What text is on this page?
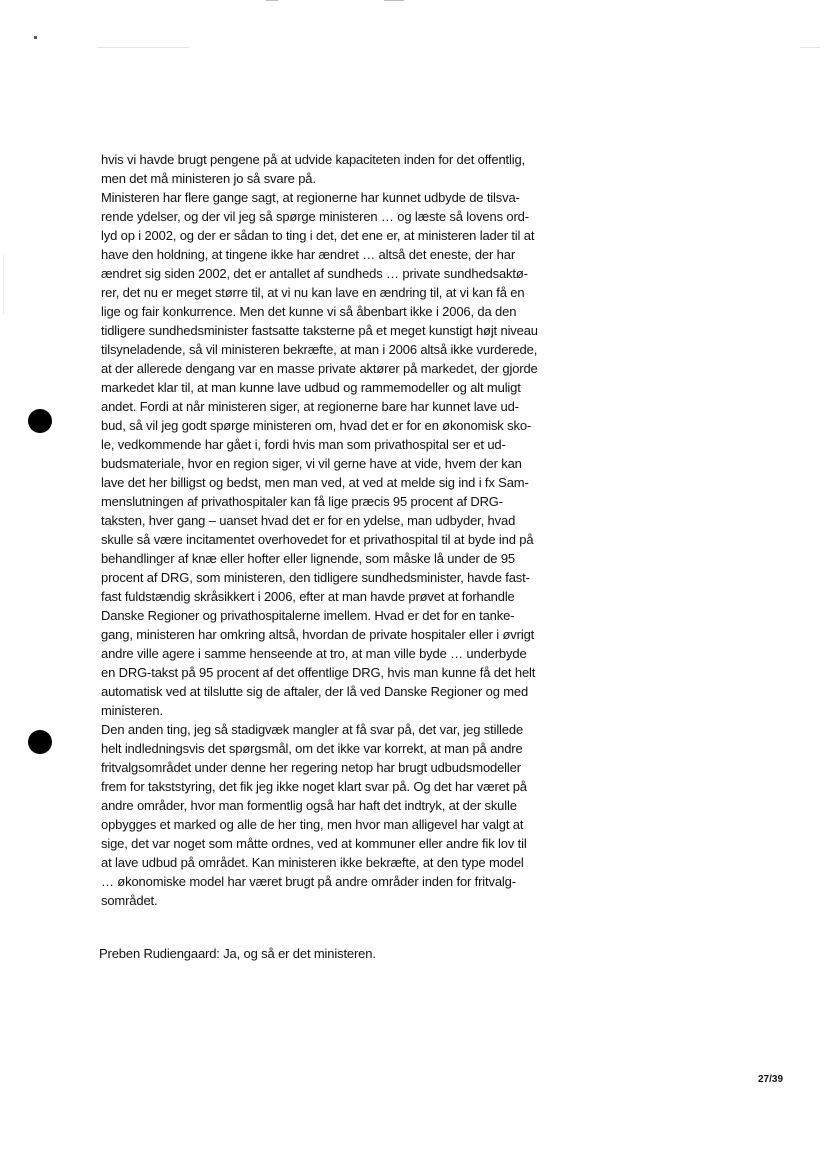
hvis vi havde brugt pengene på at udvide kapaciteten inden for det offentlig,
men det må ministeren jo så svare på.

Ministeren har flere gange sagt, at regionerne har kunnet udbyde de tilsva-
rende ydelser, og der vil jeg så spørge ministeren … og læste så lovens ord-
lyd op i 2002, og der er sådan to ting i det, det ene er, at ministeren lader til at
have den holdning, at tingene ikke har ændret … altså det eneste, der har
ændret sig siden 2002, det er antallet af sundheds … private sundhedsaktø-
rer, det nu er meget større til, at vi nu kan lave en ændring til, at vi kan få en
lige og fair konkurrence. Men det kunne vi så åbenbart ikke i 2006, da den
tidligere sundhedsminister fastsatte taksterne på et meget kunstigt højt niveau
tilsyneladende, så vil ministeren bekræfte, at man i 2006 altså ikke vurderede,
at der allerede dengang var en masse private aktører på markedet, der gjorde
markedet klar til, at man kunne lave udbud og rammemodeller og alt muligt
andet. Fordi at når ministeren siger, at regionerne bare har kunnet lave ud-
bud, så vil jeg godt spørge ministeren om, hvad det er for en økonomisk sko-
le, vedkommende har gået i, fordi hvis man som privathospital ser et ud-
budsmateriale, hvor en region siger, vi vil gerne have at vide, hvem der kan
lave det her billigst og bedst, men man ved, at ved at melde sig ind i fx Sam-
menslutningen af privathospitaler kan få lige præcis 95 procent af DRG-
taksten, hver gang – uanset hvad det er for en ydelse, man udbyder, hvad
skulle så være incitamentet overhovedet for et privathospital til at byde ind på
behandlinger af knæ eller hofter eller lignende, som måske lå under de 95
procent af DRG, som ministeren, den tidligere sundhedsminister, havde fast-
fast fuldstændig skråsikkert i 2006, efter at man havde prøvet at forhandle
Danske Regioner og privathospitalerne imellem. Hvad er det for en tanke-
gang, ministeren har omkring altså, hvordan de private hospitaler eller i øvrigt
andre ville agere i samme henseende at tro, at man ville byde … underbyde
en DRG-takst på 95 procent af det offentlige DRG, hvis man kunne få det helt
automatisk ved at tilslutte sig de aftaler, der lå ved Danske Regioner og med
ministeren.

Den anden ting, jeg så stadigvæk mangler at få svar på, det var, jeg stillede
helt indledningsvis det spørgsmål, om det ikke var korrekt, at man på andre
fritvalgsområdet under denne her regering netop har brugt udbudsmodeller
frem for takststyring, det fik jeg ikke noget klart svar på. Og det har været på
andre områder, hvor man formentlig også har haft det indtryk, at der skulle
opbygges et marked og alle de her ting, men hvor man alligevel har valgt at
sige, det var noget som måtte ordnes, ved at kommuner eller andre fik lov til
at lave udbud på området. Kan ministeren ikke bekræfte, at den type model
… økonomiske model har været brugt på andre områder inden for fritvalg-
sområdet.

Preben Rudiengaard: Ja, og så er det ministeren.
27/39
